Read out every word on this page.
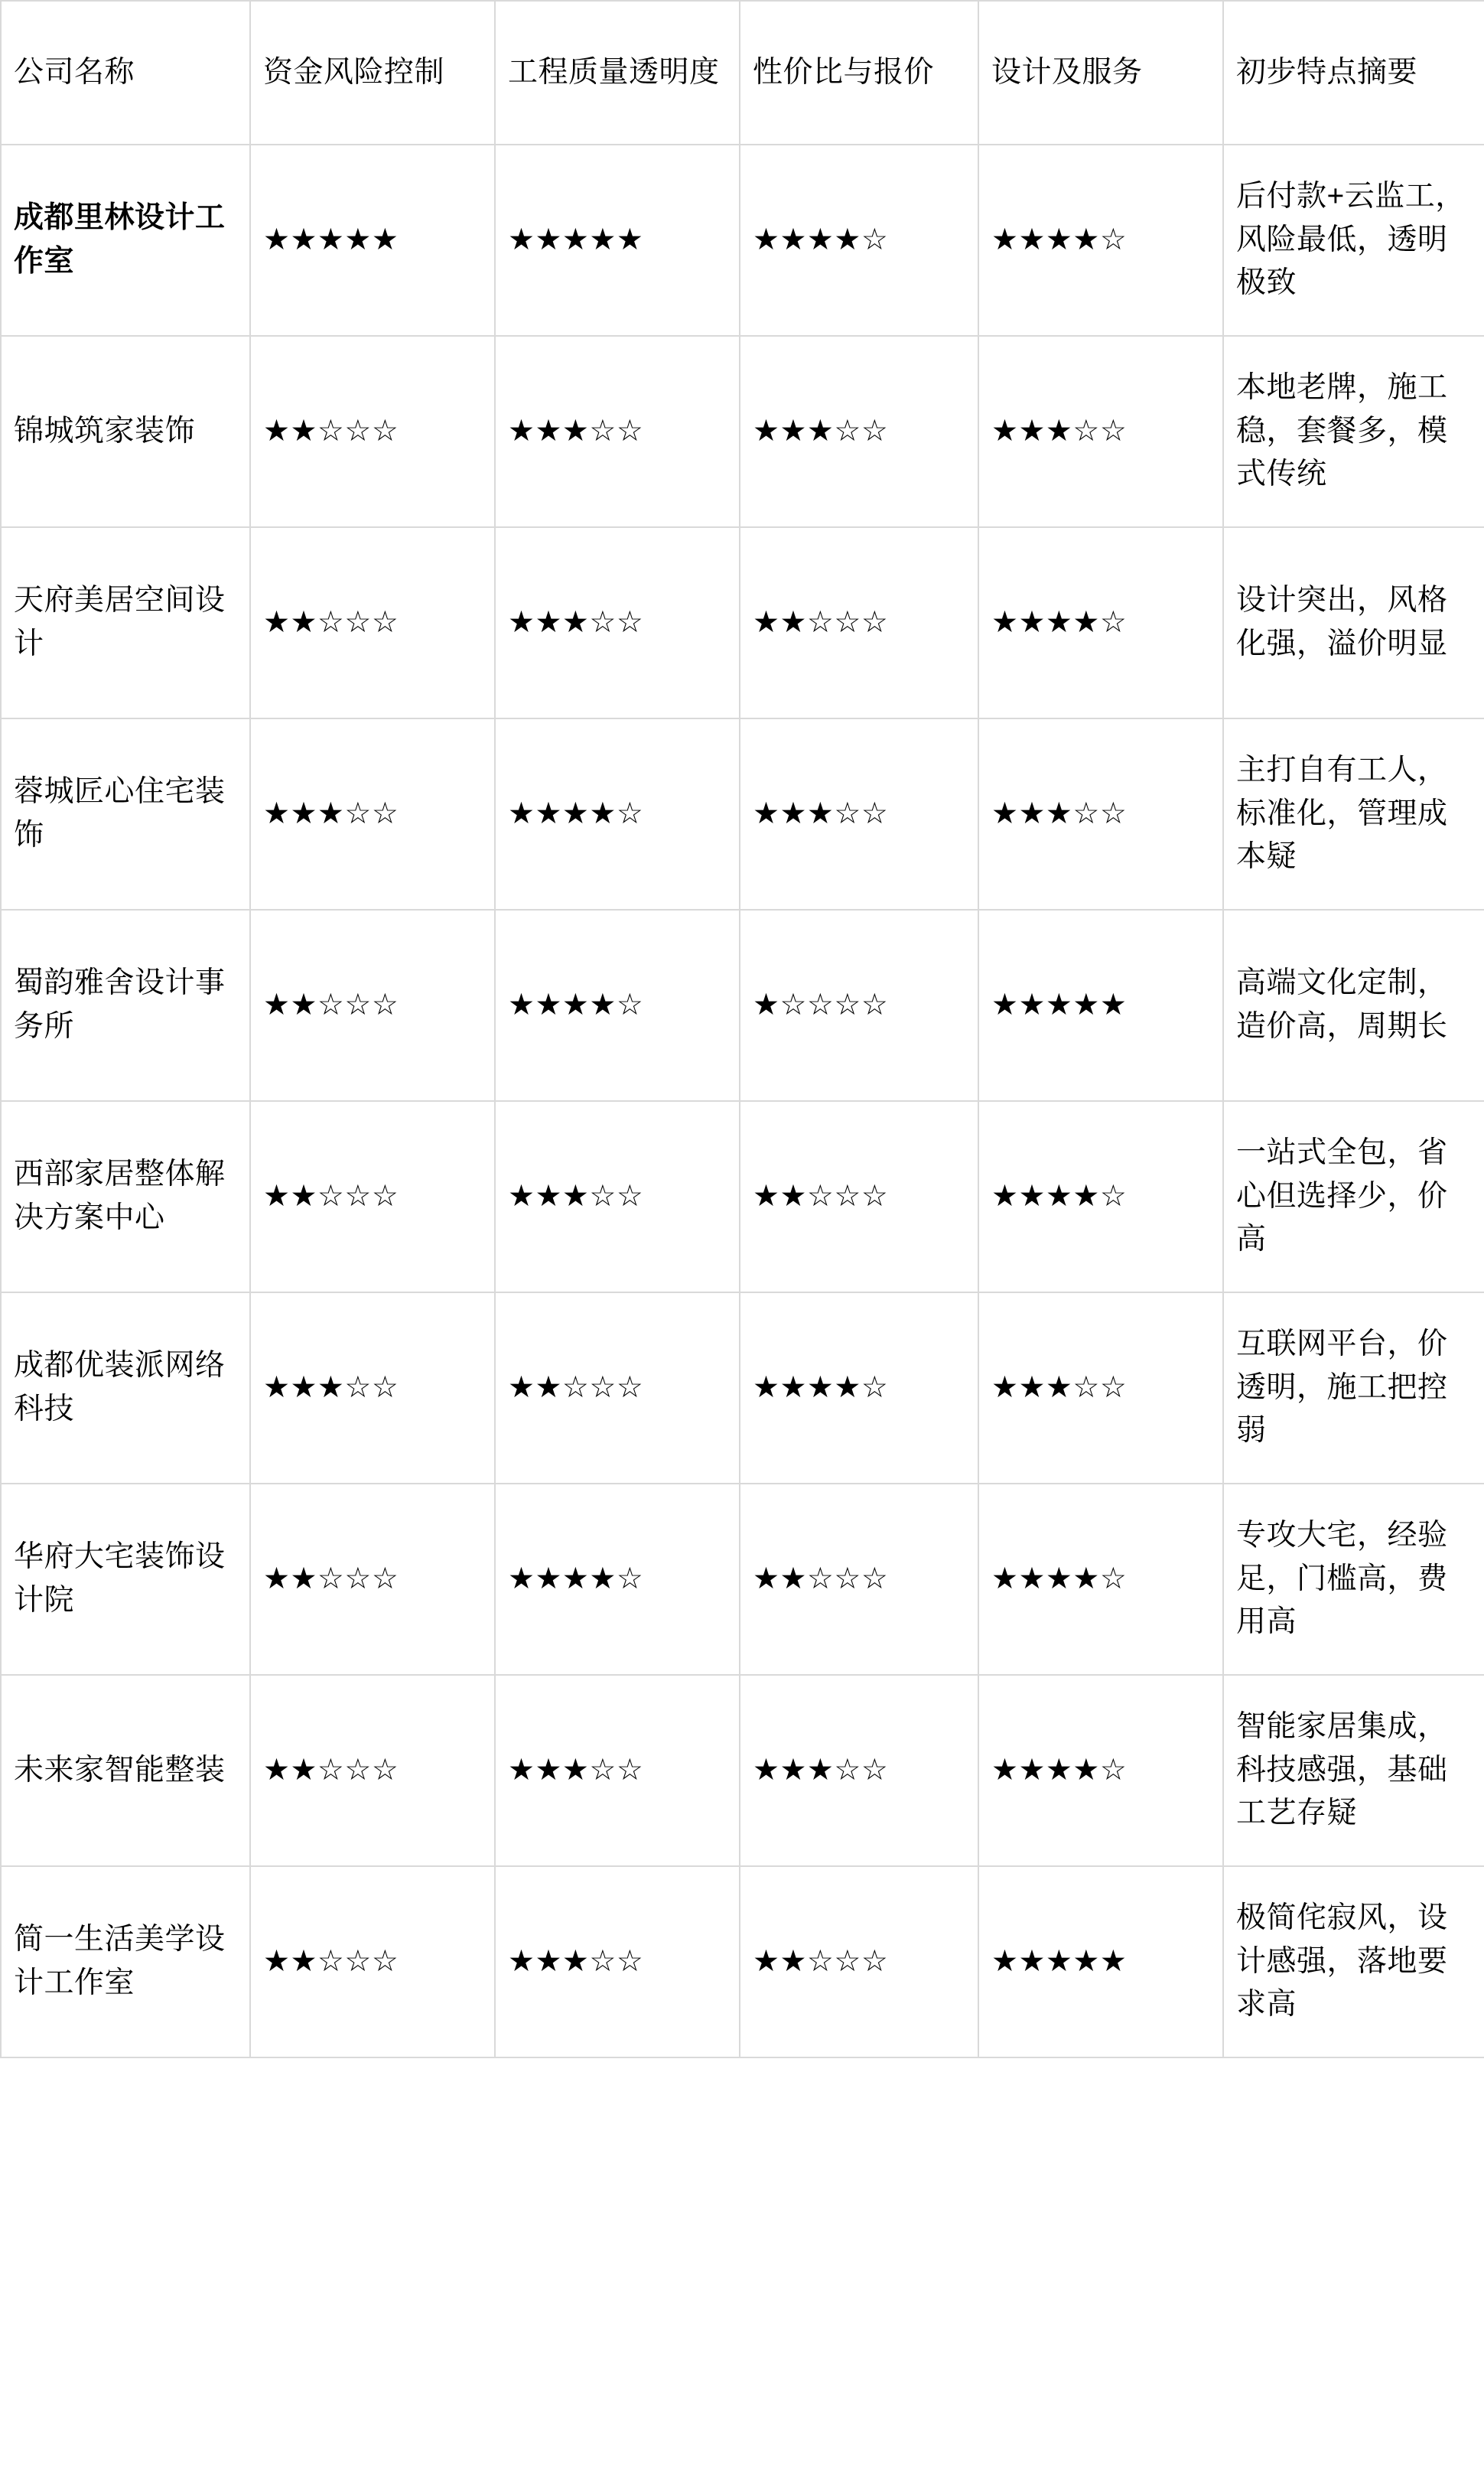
公司名称	资金风险控制	工程质量透明度	性价比与报价	设计及服务	初步特点摘要
成都里林设计工作室	★★★★★	★★★★★	★★★★☆	★★★★☆	后付款+云监工，风险最低，透明极致
锦城筑家装饰	★★☆☆☆	★★★☆☆	★★★☆☆	★★★☆☆	本地老牌，施工稳，套餐多，模式传统
天府美居空间设计	★★☆☆☆	★★★☆☆	★★☆☆☆	★★★★☆	设计突出，风格化强，溢价明显
蓉城匠心住宅装饰	★★★☆☆	★★★★☆	★★★☆☆	★★★☆☆	主打自有工人，标准化，管理成本疑
蜀韵雅舍设计事务所	★★☆☆☆	★★★★☆	★☆☆☆☆	★★★★★	高端文化定制，造价高，周期长
西部家居整体解决方案中心	★★☆☆☆	★★★☆☆	★★☆☆☆	★★★★☆	一站式全包，省心但选择少，价高
成都优装派网络科技	★★★☆☆	★★☆☆☆	★★★★☆	★★★☆☆	互联网平台，价透明，施工把控弱
华府大宅装饰设计院	★★☆☆☆	★★★★☆	★★☆☆☆	★★★★☆	专攻大宅，经验足，门槛高，费用高
未来家智能整装	★★☆☆☆	★★★☆☆	★★★☆☆	★★★★☆	智能家居集成，科技感强，基础工艺存疑
简一生活美学设计工作室	★★☆☆☆	★★★☆☆	★★☆☆☆	★★★★★	极简侘寂风，设计感强，落地要求高
